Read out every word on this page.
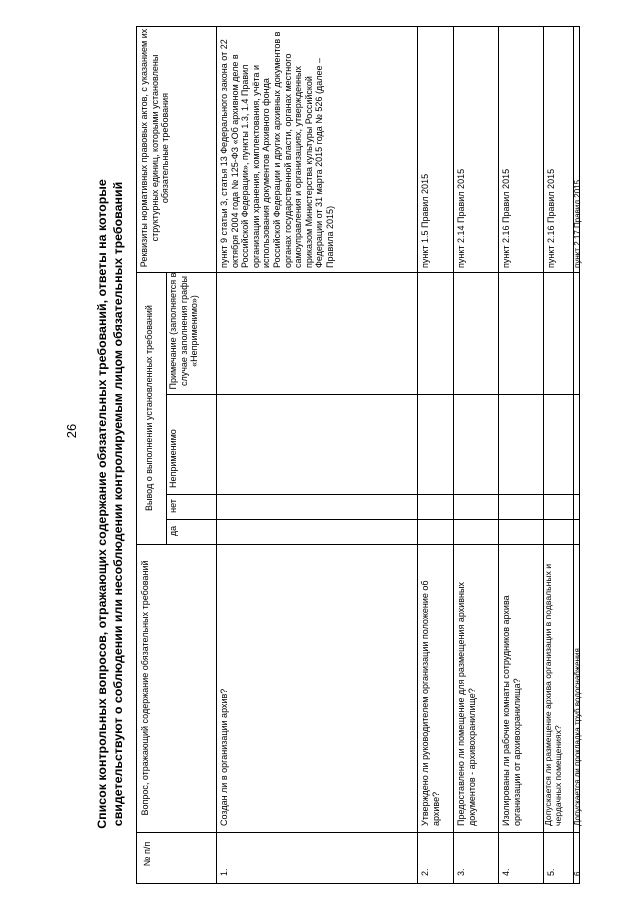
26 Список контрольных вопросов, отражающих содержание обязательных требований, ответы на которые свидетельствуют о соблюдении или несоблюдении контролируемым лицом обязательных требований
№ п/п
Вопрос, отражающий содержание обязательных требований
Вывод о выполнении установленных требований
да
нет
Неприменимо
Примечание (заполняется в случае заполнения графы «Неприменимо»)
Реквизиты нормативных правовых актов, с указанием их структурных единиц, которыми установлены обязательные требования
1.
Создан ли в организации архив?
пункт 9 статьи 3, статья 13 Федерального закона от 22 октября 2004 года № 125-ФЗ «Об архивном деле в Российской Федерации», пункты 1.3, 1.4 Правил организации хранения, комплектования, учёта и использования документов Архивного фонда Российской Федерации и других архивных документов в органах государственной власти, органах местного самоуправления и организациях, утвержденных приказом Министерства культуры Российской Федерации от 31 марта 2015 года № 526 (далее – Правила 2015)
2.
Утверждено ли руководителем организации положение об архиве?
пункт 1.5 Правил 2015
3.
Предоставлено ли помещение для размещения архивных документов - архивохранилище?
пункт 2.14 Правил 2015
4.
Изолированы ли рабочие комнаты сотрудников архива организации от архивохранилища?
пункт 2.16 Правил 2015
5.
Допускается ли размещение архива организации в подвальных и чердачных помещениях?
пункт 2.16 Правил 2015
6.
Допускается ли прокладка труб водоснабжения
пункт 2.17 Правил 2015
